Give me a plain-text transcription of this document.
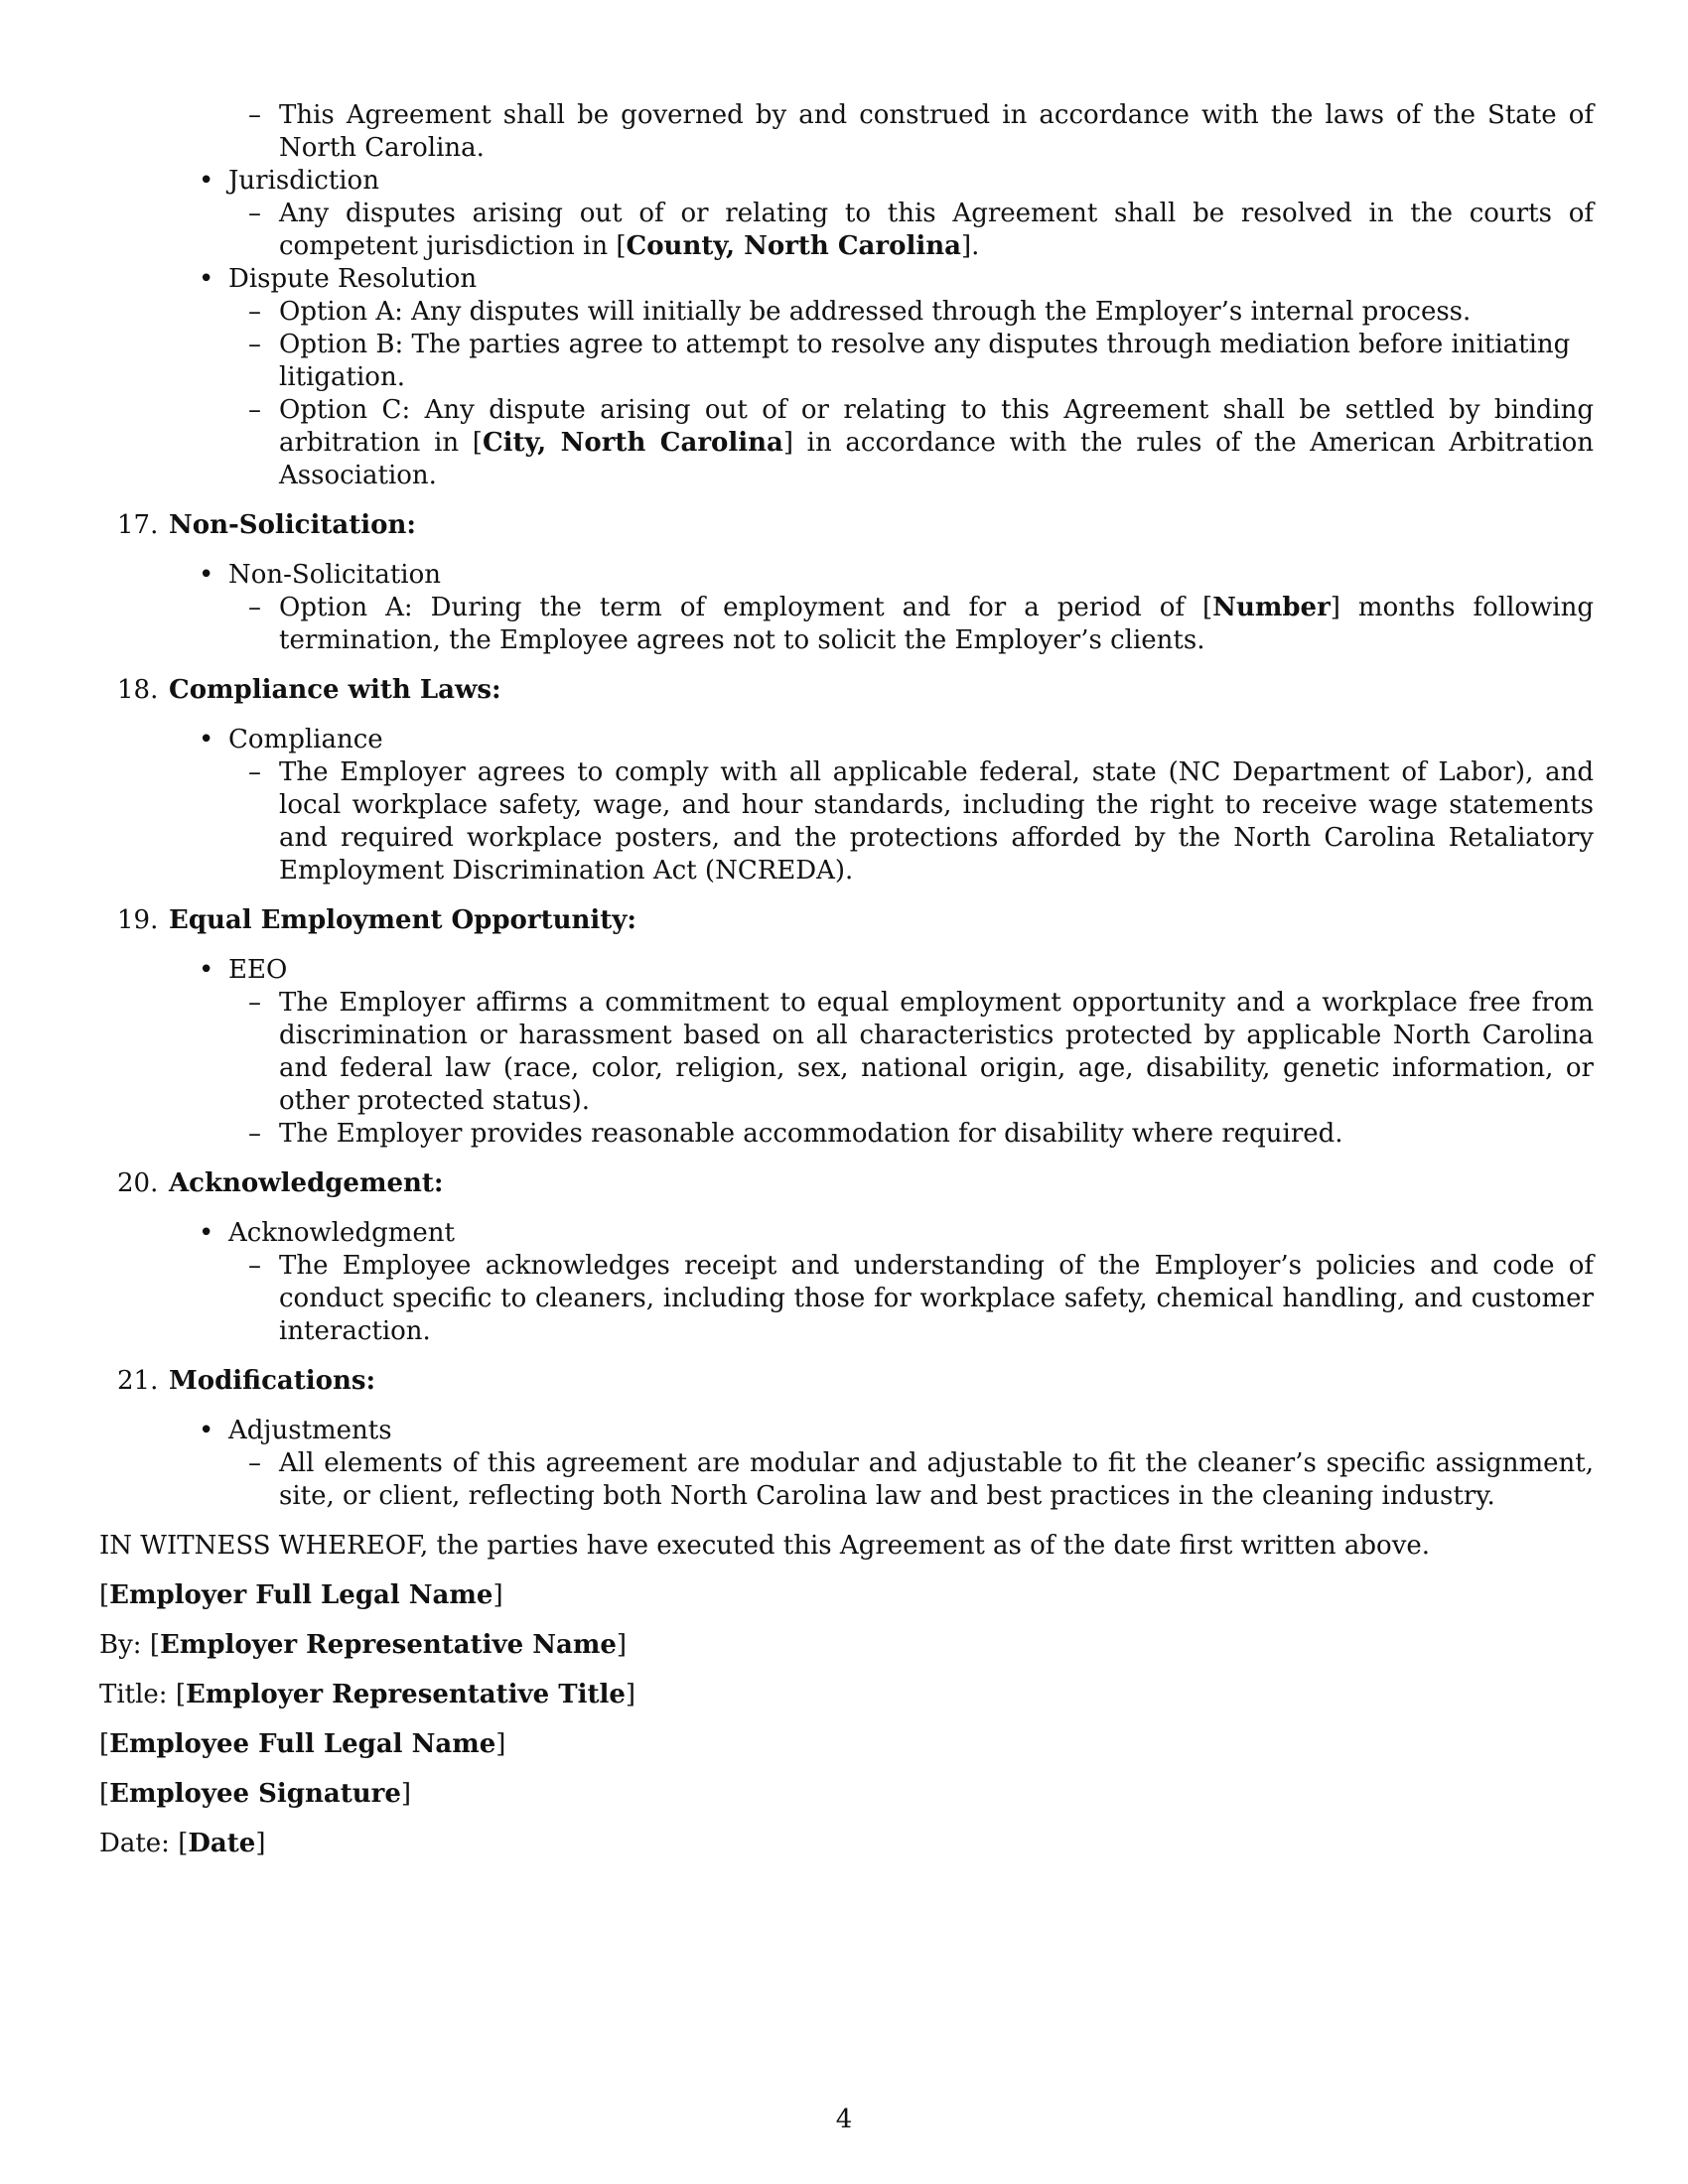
– This Agreement shall be governed by and construed in accordance with the laws of the State of North Carolina.
• Jurisdiction
– Any disputes arising out of or relating to this Agreement shall be resolved in the courts of competent jurisdiction in [County, North Carolina].
• Dispute Resolution
– Option A: Any disputes will initially be addressed through the Employer’s internal process.
– Option B: The parties agree to attempt to resolve any disputes through mediation before initiating litigation.
– Option C: Any dispute arising out of or relating to this Agreement shall be settled by binding arbitration in [City, North Carolina] in accordance with the rules of the American Arbitration Association.
17. Non-Solicitation:
• Non-Solicitation
– Option A: During the term of employment and for a period of [Number] months following termination, the Employee agrees not to solicit the Employer’s clients.
18. Compliance with Laws:
• Compliance
– The Employer agrees to comply with all applicable federal, state (NC Department of Labor), and local workplace safety, wage, and hour standards, including the right to receive wage statements and required workplace posters, and the protections afforded by the North Carolina Retaliatory Employment Discrimination Act (NCREDA).
19. Equal Employment Opportunity:
• EEO
– The Employer affirms a commitment to equal employment opportunity and a workplace free from discrimination or harassment based on all characteristics protected by applicable North Carolina and federal law (race, color, religion, sex, national origin, age, disability, genetic information, or other protected status).
– The Employer provides reasonable accommodation for disability where required.
20. Acknowledgement:
• Acknowledgment
– The Employee acknowledges receipt and understanding of the Employer’s policies and code of conduct specific to cleaners, including those for workplace safety, chemical handling, and customer interaction.
21. Modifications:
• Adjustments
– All elements of this agreement are modular and adjustable to fit the cleaner’s specific assignment, site, or client, reflecting both North Carolina law and best practices in the cleaning industry.
IN WITNESS WHEREOF, the parties have executed this Agreement as of the date first written above.
[Employer Full Legal Name]
By: [Employer Representative Name]
Title: [Employer Representative Title]
[Employee Full Legal Name]
[Employee Signature]
Date: [Date]
4
